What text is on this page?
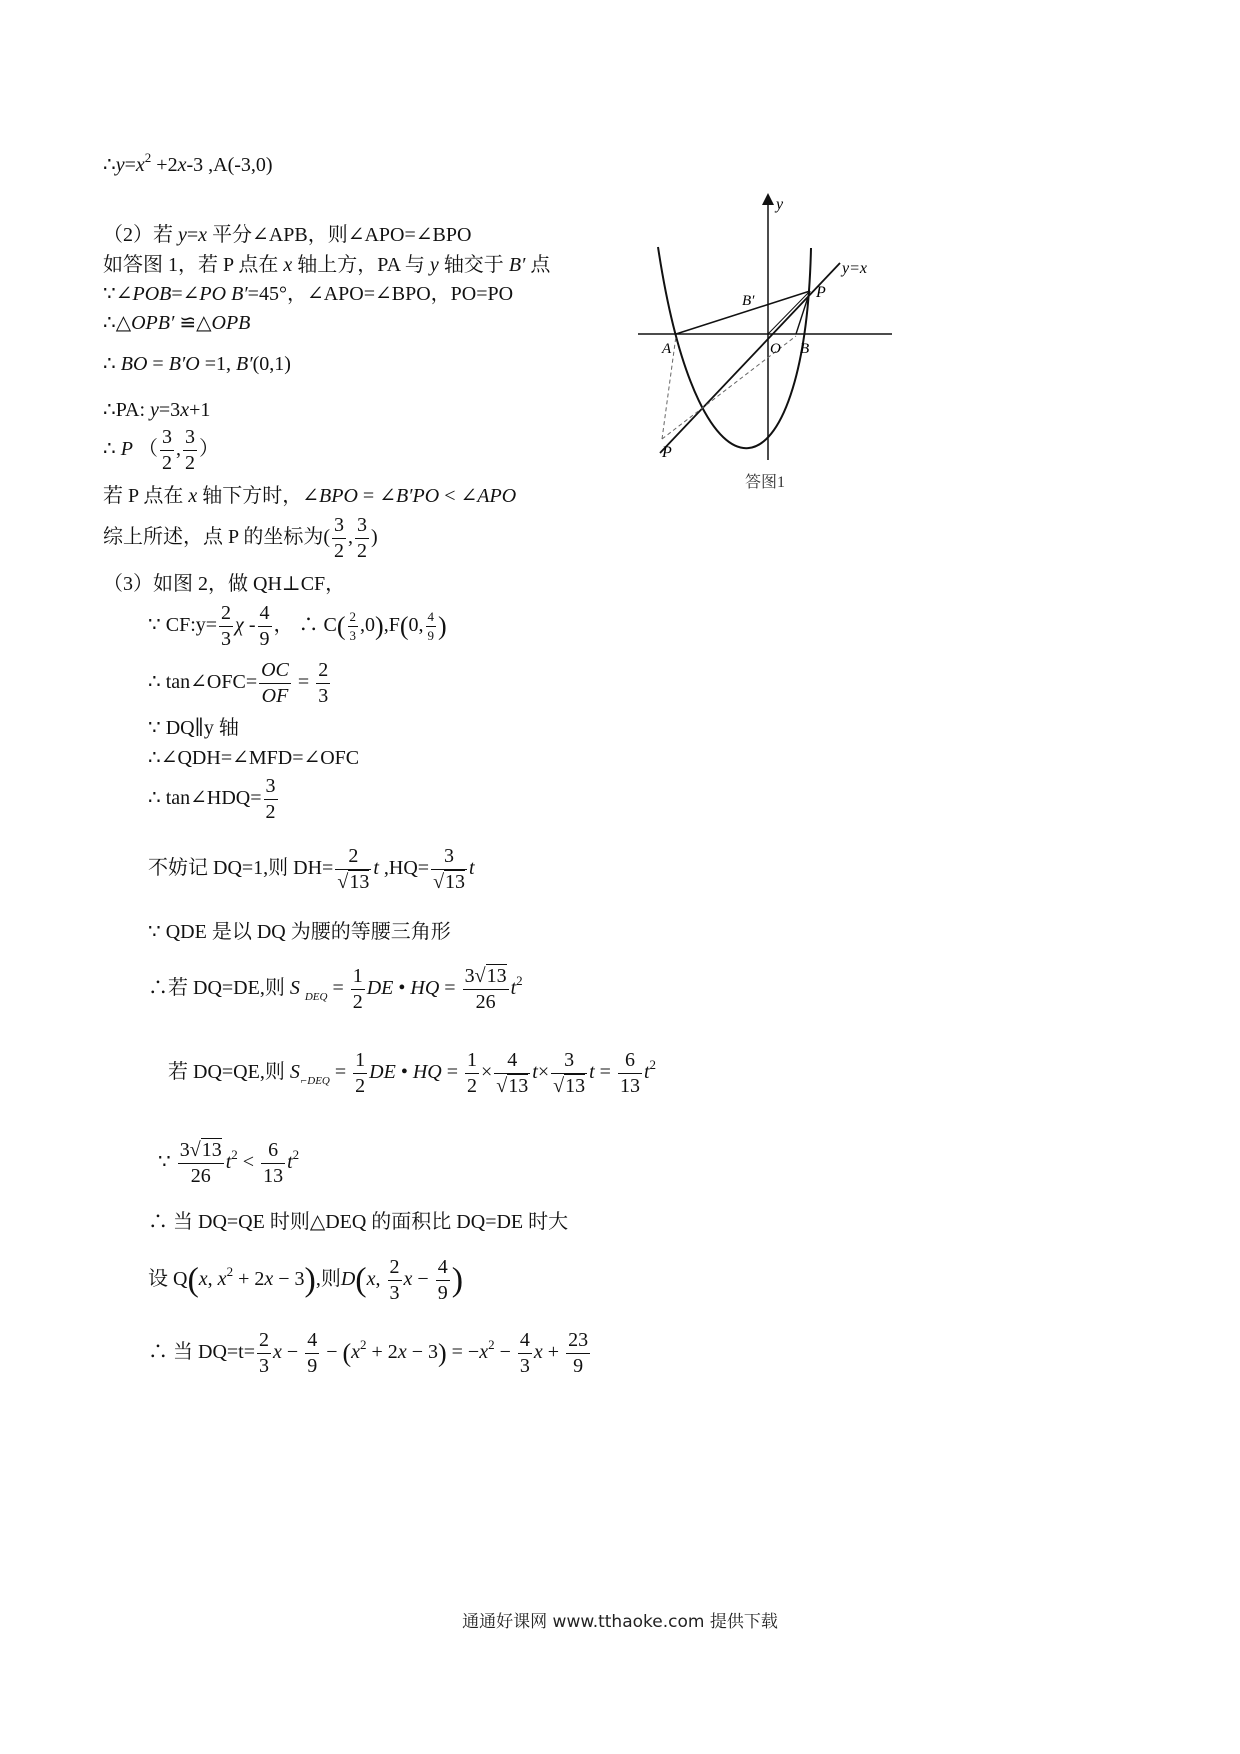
$\therefore y=x^2 +2x-3$ ,A(-3,0)
（2）若 y=x 平分∠APB，则∠APO=∠BPO
如答图 1，若 P 点在 x 轴上方，PA 与 y 轴交于 B′ 点
∵∠POB=∠PO B′=45°，∠APO=∠BPO，PO=PO
∴△OPB′ ≌△OPB
∴ BO = B′O =1, B′(0,1)
∴PA: y=3x+1
∴ P （ $\frac{3}{2}$ , $\frac{3}{2}$ ）
若 P 点在 x 轴下方时，∠BPO = ∠B′PO < ∠APO
综上所述，点 P 的坐标为( $\frac{3}{2}$ , $\frac{3}{2}$ )
（3）如图 2，做 QH⊥CF，
∵ CF:y= $\frac{2}{3}$ χ - $\frac{4}{9}$ ， ∴ $C( \frac{2}{3} ,0),F(0$, $\frac{4}{9}$ )
∴ tan∠OFC= $\frac{OC}{OF} = \frac{2}{3}$
∵ DQ∥y 轴
∴∠QDH=∠MFD=∠OFC
∴ tan∠HDQ= $\frac{3}{2}$
不妨记 DQ=1,则 $DH= \frac{2}{√13}$ t $,HQ= \frac{3}{√13}$ t
∵ QDE 是以 DQ 为腰的等腰三角形
∴若 DQ=DE,则 S $_{DEQ} = \frac{1}{2}$ DE • HQ = $\frac{3√13}{26} t^2$
若 DQ=QE,则 $S_{⌐DEQ} = \frac{1}{2}$ DE • HQ = $\frac{1}{2} \times \frac{4}{√13} t\times \frac{3}{√13}$ $t = \frac{6}{13} t^2$
∵ $\frac{3√13}{26} t^2 < \frac{6}{13} t^2$
∴ 当 DQ=QE 时则△DEQ 的面积比 DQ=DE 时大
设 Q(x, $x^2 + 2x - 3$),则D(x, $\frac{2}{3}$ $x - \frac{4}{9}$ )
∴ 当 $DQ=t= \frac{2}{3}$ $x - \frac{4}{9} - (x^2 + 2x - 3) = -x^2 - \frac{4}{3}$ $x + \frac{23}{9}$
y
y=x
B′	P
A	O B
P
答图1
通通好课网 www.tthaoke.com 提供下载
